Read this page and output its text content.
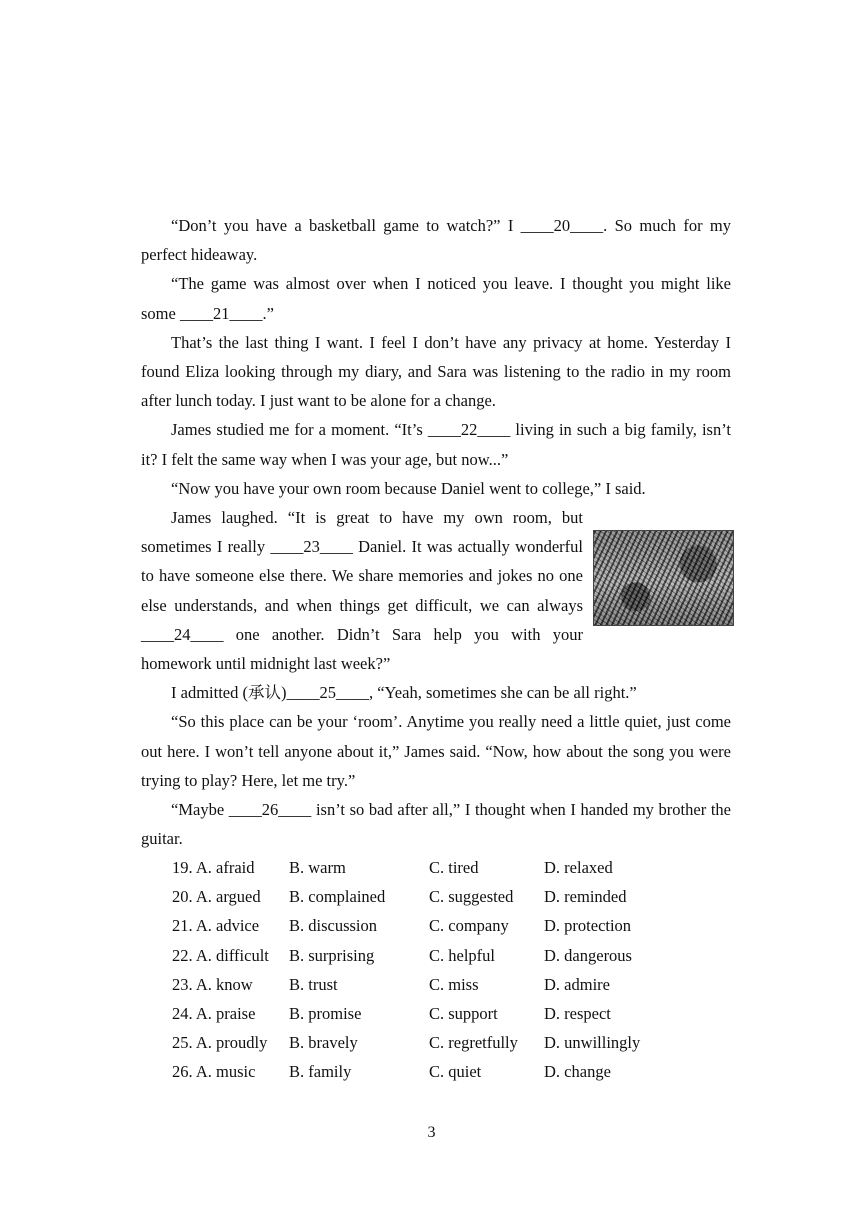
“Don’t you have a basketball game to watch?” I ____20____. So much for my perfect hideaway.

“The game was almost over when I noticed you leave. I thought you might like some ____21____.”

That’s the last thing I want. I feel I don’t have any privacy at home. Yesterday I found Eliza looking through my diary, and Sara was listening to the radio in my room after lunch today. I just want to be alone for a change.

James studied me for a moment. “It’s ____22____ living in such a big family, isn’t it? I felt the same way when I was your age, but now...”

“Now you have your own room because Daniel went to college,” I said.

James laughed. “It is great to have my own room, but sometimes I really ____23____ Daniel. It was actually wonderful to have someone else there. We share memories and jokes no one else understands, and when things get difficult, we can always ____24____ one another. Didn’t Sara help you with your homework until midnight last week?”

I admitted (承认)____25____, “Yeah, sometimes she can be all right.”

“So this place can be your ‘room’. Anytime you really need a little quiet, just come out here. I won’t tell anyone about it,” James said. “Now, how about the song you were trying to play? Here, let me try.”

“Maybe ____26____ isn’t so bad after all,” I thought when I handed my brother the guitar.

19. A. afraid B. warm	C. tired	D. relaxed
20. A. argued B. complained	C. suggested D. reminded
21. A. advice B. discussion	C. company D. protection
22. A. difficult B. surprising	C. helpful	D. dangerous
23. A. know B. trust	C. miss	D. admire
24. A. praise B. promise	C. support	D. respect
25. A. proudly B. bravely	C. regretfully D. unwillingly
26. A. music B. family	C. quiet	D. change
3
